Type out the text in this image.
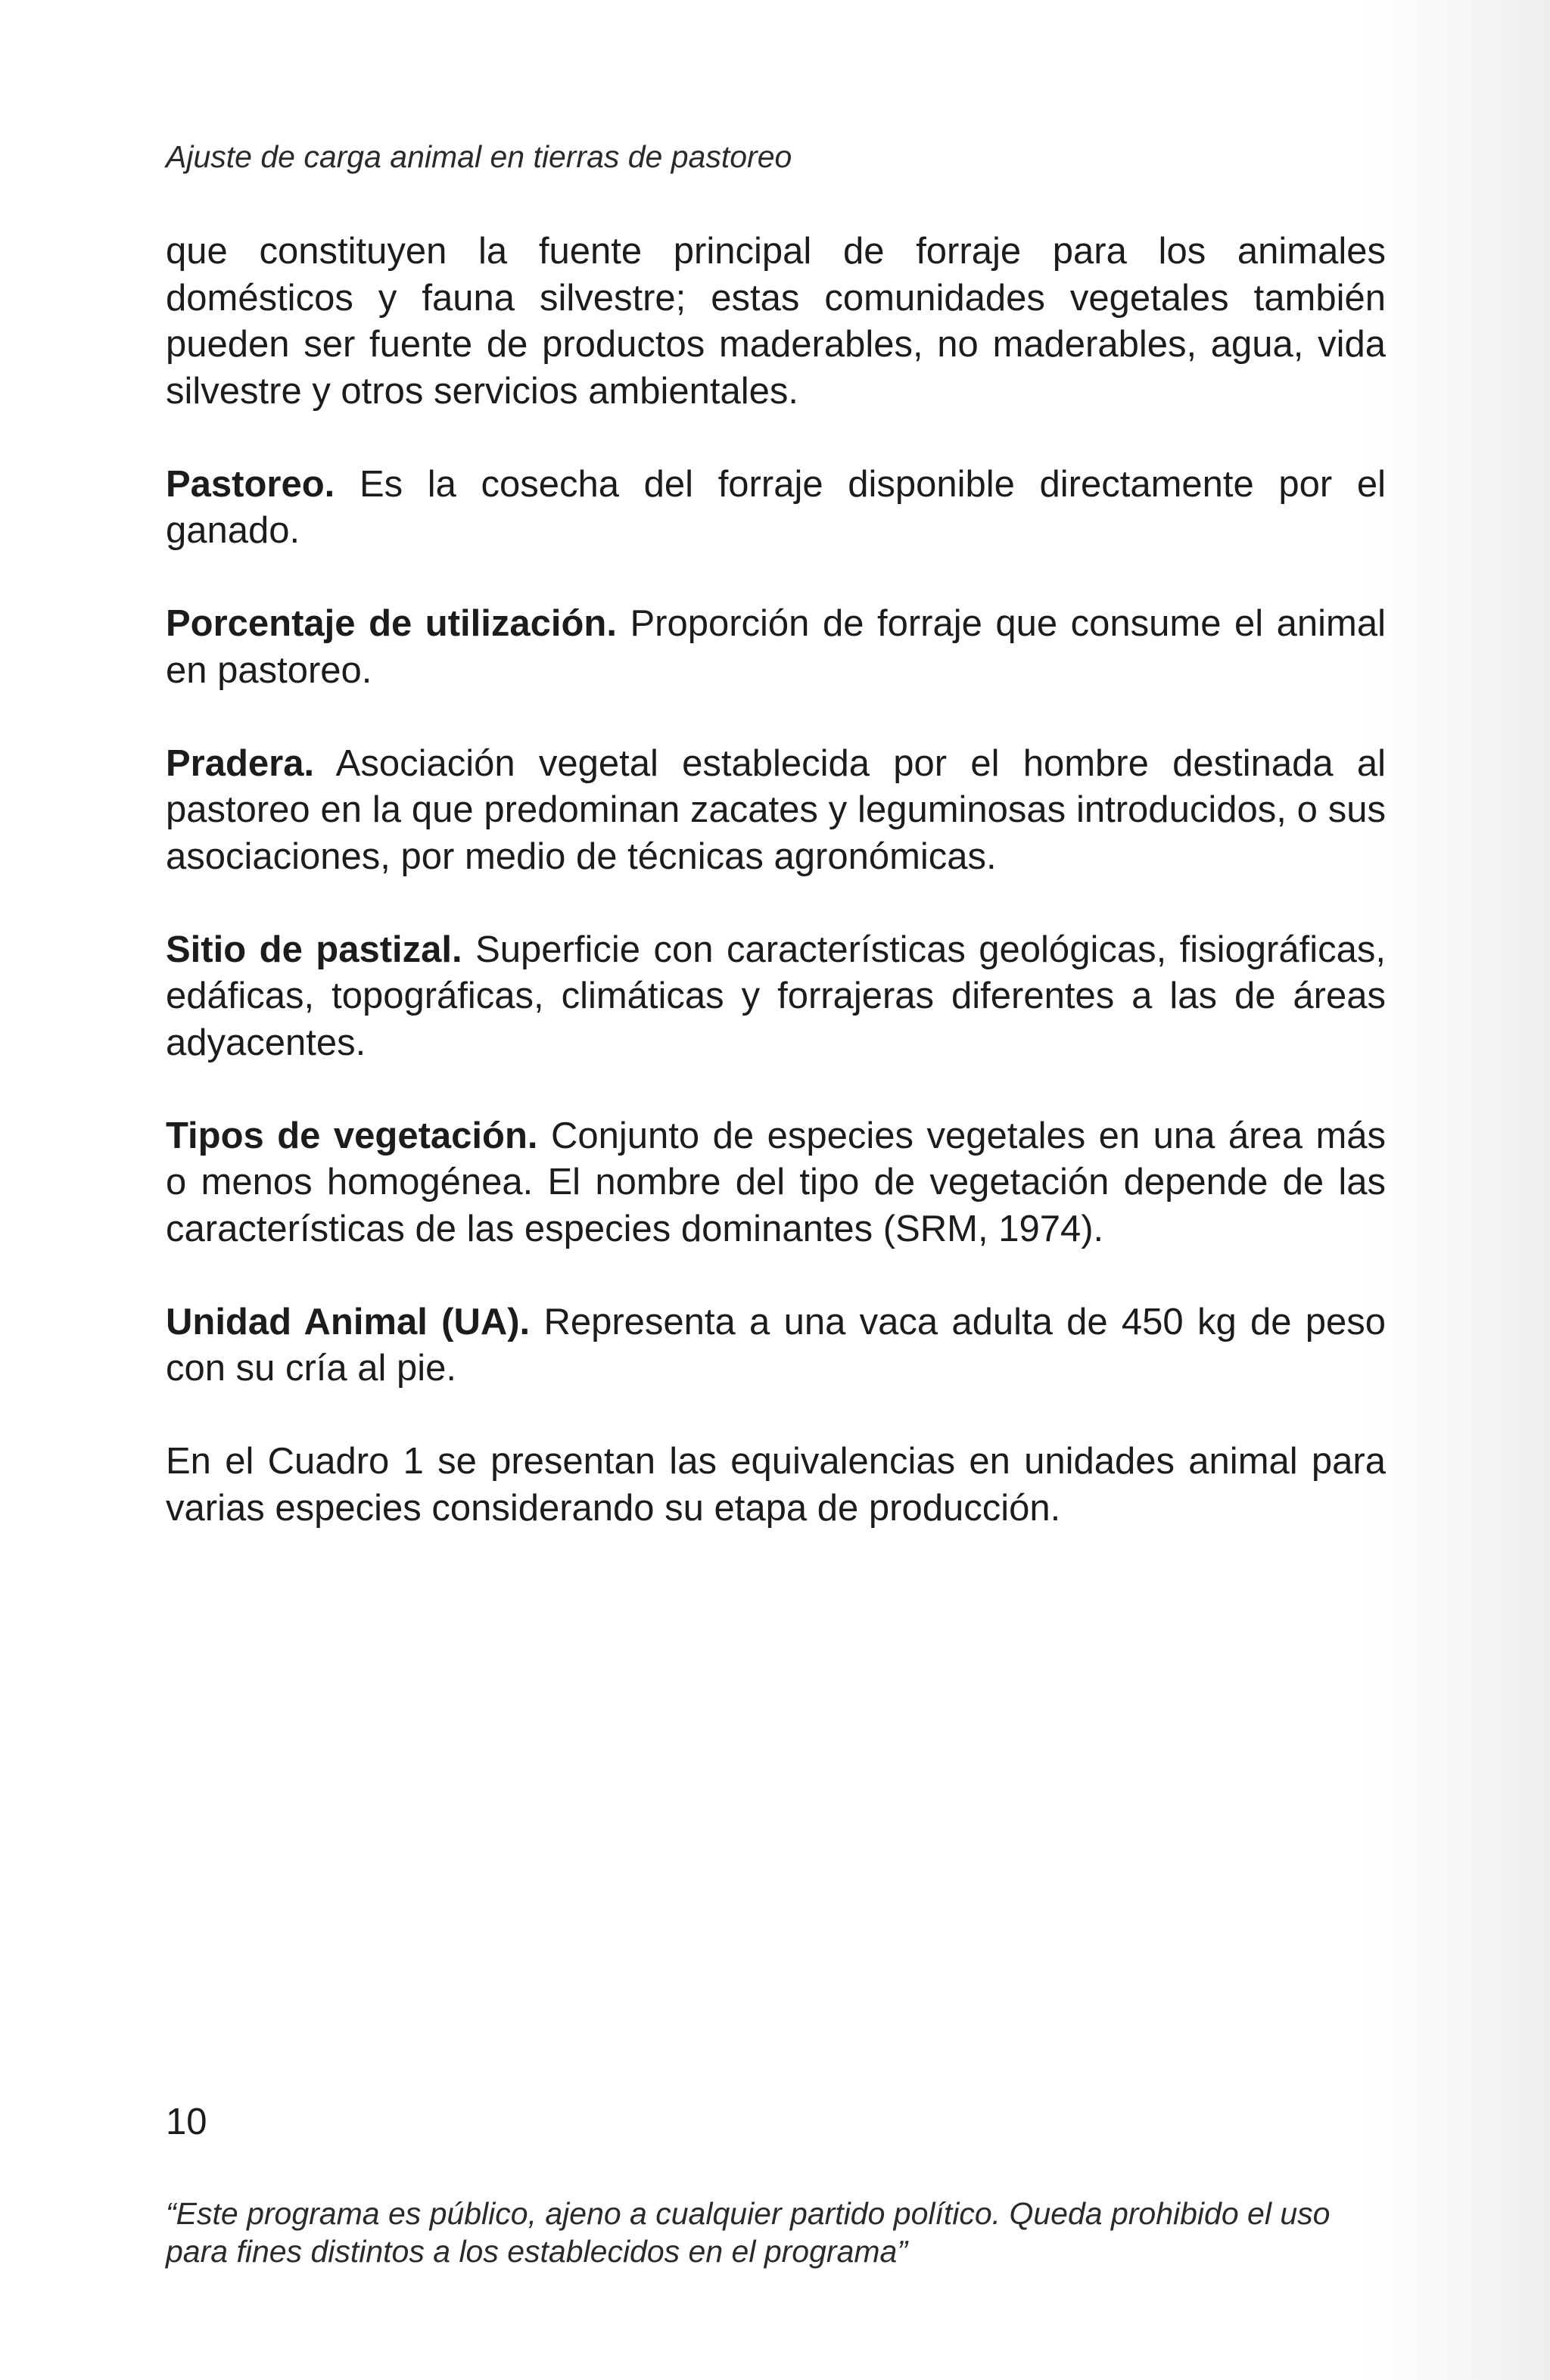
Ajuste de carga animal en tierras de pastoreo

que constituyen la fuente principal de forraje para los animales domésticos y fauna silvestre; estas comunidades vegetales también pueden ser fuente de productos maderables, no maderables, agua, vida silvestre y otros servicios ambientales.

Pastoreo. Es la cosecha del forraje disponible directamente por el ganado.

Porcentaje de utilización. Proporción de forraje que consume el animal en pastoreo.

Pradera. Asociación vegetal establecida por el hombre destinada al pastoreo en la que predominan zacates y leguminosas introducidos, o sus asociaciones, por medio de técnicas agronómicas.

Sitio de pastizal. Superficie con características geológicas, fisiográficas, edáficas, topográficas, climáticas y forrajeras diferentes a las de áreas adyacentes.

Tipos de vegetación. Conjunto de especies vegetales en una área más o menos homogénea. El nombre del tipo de vegetación depende de las características de las especies dominantes (SRM, 1974).

Unidad Animal (UA). Representa a una vaca adulta de 450 kg de peso con su cría al pie.

En el Cuadro 1 se presentan las equivalencias en unidades animal para varias especies considerando su etapa de producción.

10
“Este programa es público, ajeno a cualquier partido político. Queda prohibido el uso para fines distintos a los establecidos en el programa”
